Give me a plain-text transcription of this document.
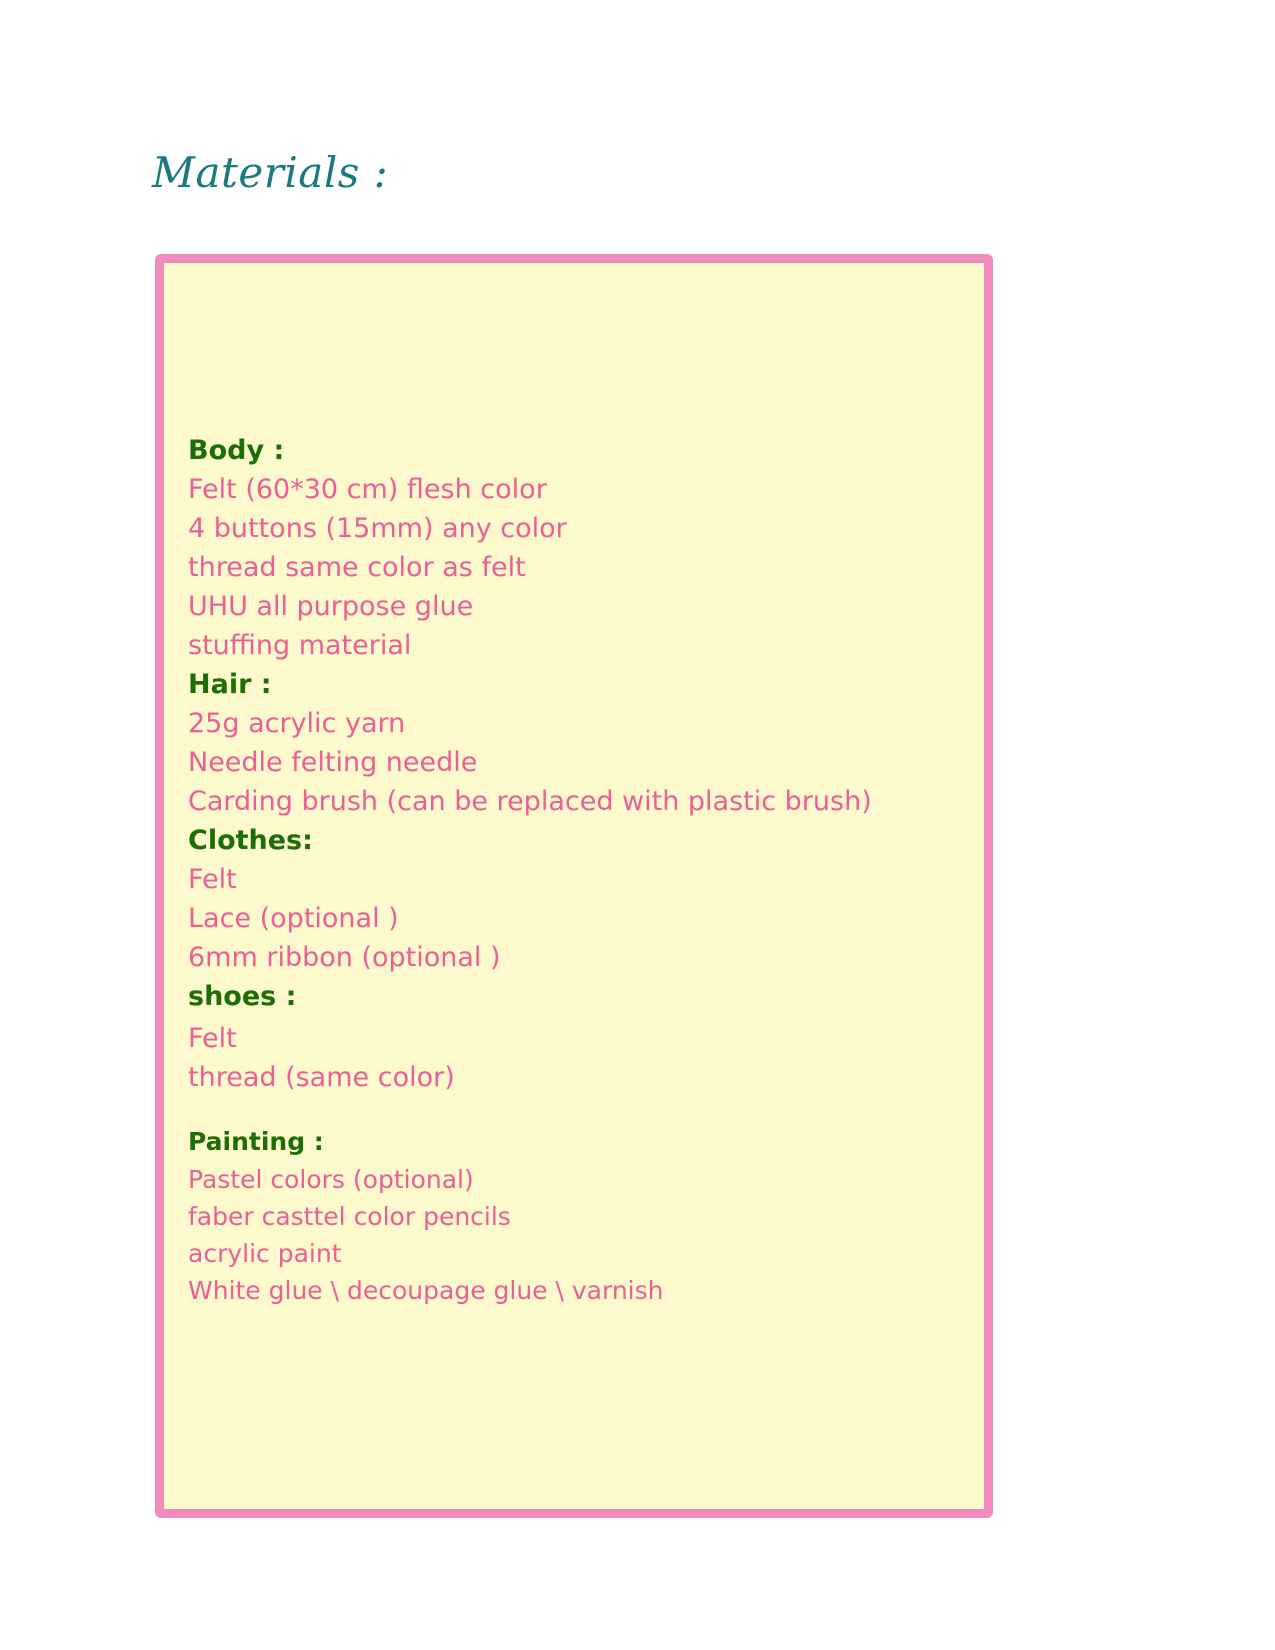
Materials :
Body :
Felt (60*30 cm) flesh color
4 buttons (15mm) any color
thread same color as felt
UHU all purpose glue
stuffing material
Hair :
25g acrylic yarn
Needle felting needle
Carding brush (can be replaced with plastic brush)
Clothes:
Felt
Lace (optional )
6mm ribbon (optional )
shoes :
Felt
thread (same color)
Painting :
Pastel colors (optional)
faber casttel color pencils
acrylic paint
White glue \ decoupage glue \ varnish
